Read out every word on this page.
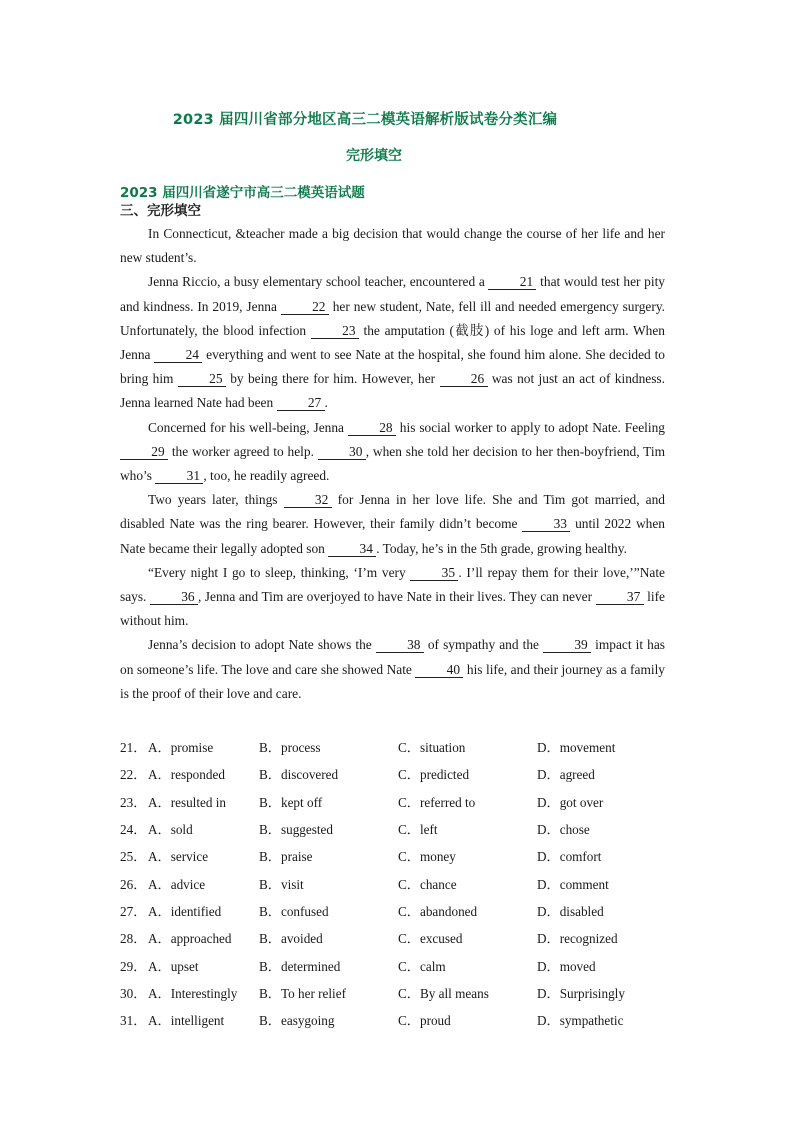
2023 届四川省部分地区高三二模英语解析版试卷分类汇编
完形填空
2023 届四川省遂宁市高三二模英语试题
三、完形填空

In Connecticut, &teacher made a big decision that would change the course of her life and her new student’s.

Jenna Riccio, a busy elementary school teacher, encountered a 21 that would test her pity and kindness. In 2019, Jenna 22 her new student, Nate, fell ill and needed emergency surgery. Unfortunately, the blood infection 23 the amputation (截肢) of his loge and left arm. When Jenna 24 everything and went to see Nate at the hospital, she found him alone. She decided to bring him 25 by being there for him. However, her 26 was not just an act of kindness. Jenna learned Nate had been 27 .

Concerned for his well-being, Jenna 28 his social worker to apply to adopt Nate. Feeling 29 the worker agreed to help. 30 , when she told her decision to her then-boyfriend, Tim who’s 31 , too, he readily agreed.

Two years later, things 32 for Jenna in her love life. She and Tim got married, and disabled Nate was the ring bearer. However, their family didn’t become 33 until 2022 when Nate became their legally adopted son 34 . Today, he’s in the 5th grade, growing healthy.

“Every night I go to sleep, thinking, ‘I’m very 35 . I’ll repay them for their love,’”Nate says. 36 , Jenna and Tim are overjoyed to have Nate in their lives. They can never 37 life without him.

Jenna’s decision to adopt Nate shows the 38 of sympathy and the 39 impact it has on someone’s life. The love and care she showed Nate 40 his life, and their journey as a family is the proof of their love and care.

21． A．promise	B．process	C．situation	D．movement
22． A．responded	B．discovered	C．predicted	D．agreed
23． A．resulted in	B．kept off	C．referred to	D．got over
24． A．sold	B．suggested	C．left	D．chose
25． A．service	B．praise	C．money	D．comfort
26． A．advice	B．visit	C．chance	D．comment
27． A．identified	B．confused	C．abandoned	D．disabled
28． A．approached	B．avoided	C．excused	D．recognized
29． A．upset	B．determined	C．calm	D．moved
30． A．Interestingly	B．To her relief	C．By all means	D．Surprisingly
31． A．intelligent	B．easygoing	C．proud	D．sympathetic
